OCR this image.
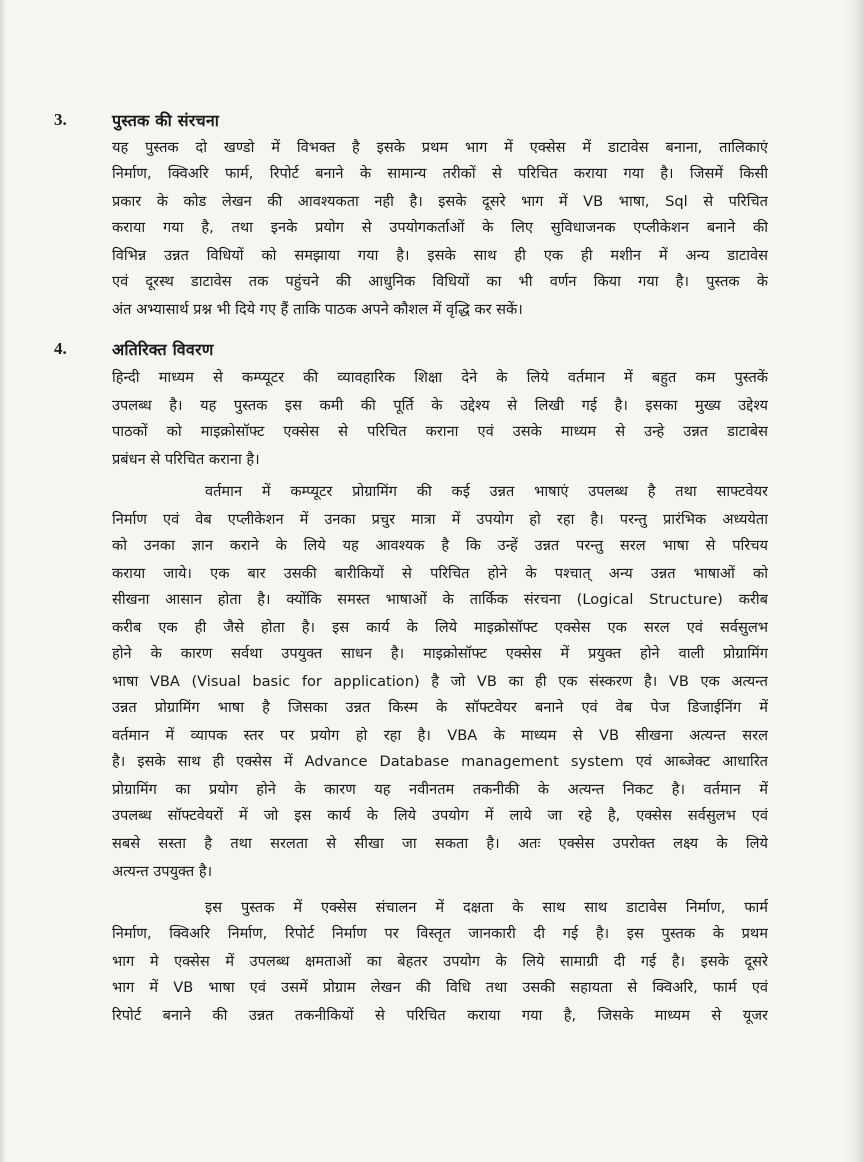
3.	पुस्तक की संरचना
यह पुस्तक दो खण्डो में विभक्त है इसके प्रथम भाग में एक्सेस में डाटावेस बनाना, तालिकाएं
निर्माण, क्विअरि फार्म, रिपोर्ट बनाने के सामान्य तरीकों से परिचित कराया गया है। जिसमें किसी
प्रकार के कोड लेखन की आवश्यकता नही है। इसके दूसरे भाग में VB भाषा, Sql से परिचित
कराया गया है, तथा इनके प्रयोग से उपयोगकर्ताओं के लिए सुविधाजनक एप्लीकेशन बनाने की
विभिन्न उन्नत विधियों को समझाया गया है। इसके साथ ही एक ही मशीन में अन्य डाटावेस
एवं दूरस्थ डाटावेस तक पहुंचने की आधुनिक विधियों का भी वर्णन किया गया है। पुस्तक के
अंत अभ्यासार्थ प्रश्न भी दिये गए हैं ताकि पाठक अपने कौशल में वृद्धि कर सकें।
4.	अतिरिक्त विवरण
हिन्दी माध्यम से कम्प्यूटर की व्यावहारिक शिक्षा देने के लिये वर्तमान में बहुत कम पुस्तकें
उपलब्ध है। यह पुस्तक इस कमी की पूर्ति के उद्देश्य से लिखी गई है। इसका मुख्य उद्देश्य
पाठकों को माइक्रोसॉफ्ट एक्सेस से परिचित कराना एवं उसके माध्यम से उन्हे उन्नत डाटाबेस
प्रबंधन से परिचित कराना है।
वर्तमान में कम्प्यूटर प्रोग्रामिंग की कई उन्नत भाषाएं उपलब्ध है तथा साफ्टवेयर
निर्माण एवं वेब एप्लीकेशन में उनका प्रचुर मात्रा में उपयोग हो रहा है। परन्तु प्रारंभिक अध्ययेता
को उनका ज्ञान कराने के लिये यह आवश्यक है कि उन्हें उन्नत परन्तु सरल भाषा से परिचय
कराया जाये। एक बार उसकी बारीकियों से परिचित होने के पश्चात् अन्य उन्नत भाषाओं को
सीखना आसान होता है। क्योंकि समस्त भाषाओं के तार्किक संरचना (Logical Structure) करीब
करीब एक ही जैसे होता है। इस कार्य के लिये माइक्रोसॉफ्ट एक्सेस एक सरल एवं सर्वसुलभ
होने के कारण सर्वथा उपयुक्त साधन है। माइक्रोसॉफ्ट एक्सेस में प्रयुक्त होने वाली प्रोग्रामिंग
भाषा VBA (Visual basic for application) है जो VB का ही एक संस्करण है। VB एक अत्यन्त
उन्नत प्रोग्रामिंग भाषा है जिसका उन्नत किस्म के सॉफ्टवेयर बनाने एवं वेब पेज डिजाईनिंग में
वर्तमान में व्यापक स्तर पर प्रयोग हो रहा है। VBA के माध्यम से VB सीखना अत्यन्त सरल
है। इसके साथ ही एक्सेस में Advance Database management system एवं आब्जेक्ट आधारित
प्रोग्रामिंग का प्रयोग होने के कारण यह नवीनतम तकनीकी के अत्यन्त निकट है। वर्तमान में
उपलब्ध सॉफ्टवेयरों में जो इस कार्य के लिये उपयोग में लाये जा रहे है, एक्सेस सर्वसुलभ एवं
सबसे सस्ता है तथा सरलता से सीखा जा सकता है। अतः एक्सेस उपरोक्त लक्ष्य के लिये
अत्यन्त उपयुक्त है।
इस पुस्तक में एक्सेस संचालन में दक्षता के साथ साथ डाटावेस निर्माण, फार्म
निर्माण, क्विअरि निर्माण, रिपोर्ट निर्माण पर विस्तृत जानकारी दी गई है। इस पुस्तक के प्रथम
भाग मे एक्सेस में उपलब्ध क्षमताओं का बेहतर उपयोग के लिये सामाग्री दी गई है। इसके दूसरे
भाग में VB भाषा एवं उसमें प्रोग्राम लेखन की विधि तथा उसकी सहायता से क्विअरि, फार्म एवं
रिपोर्ट बनाने की उन्नत तकनीकियों से परिचित कराया गया है, जिसके माध्यम से यूजर
